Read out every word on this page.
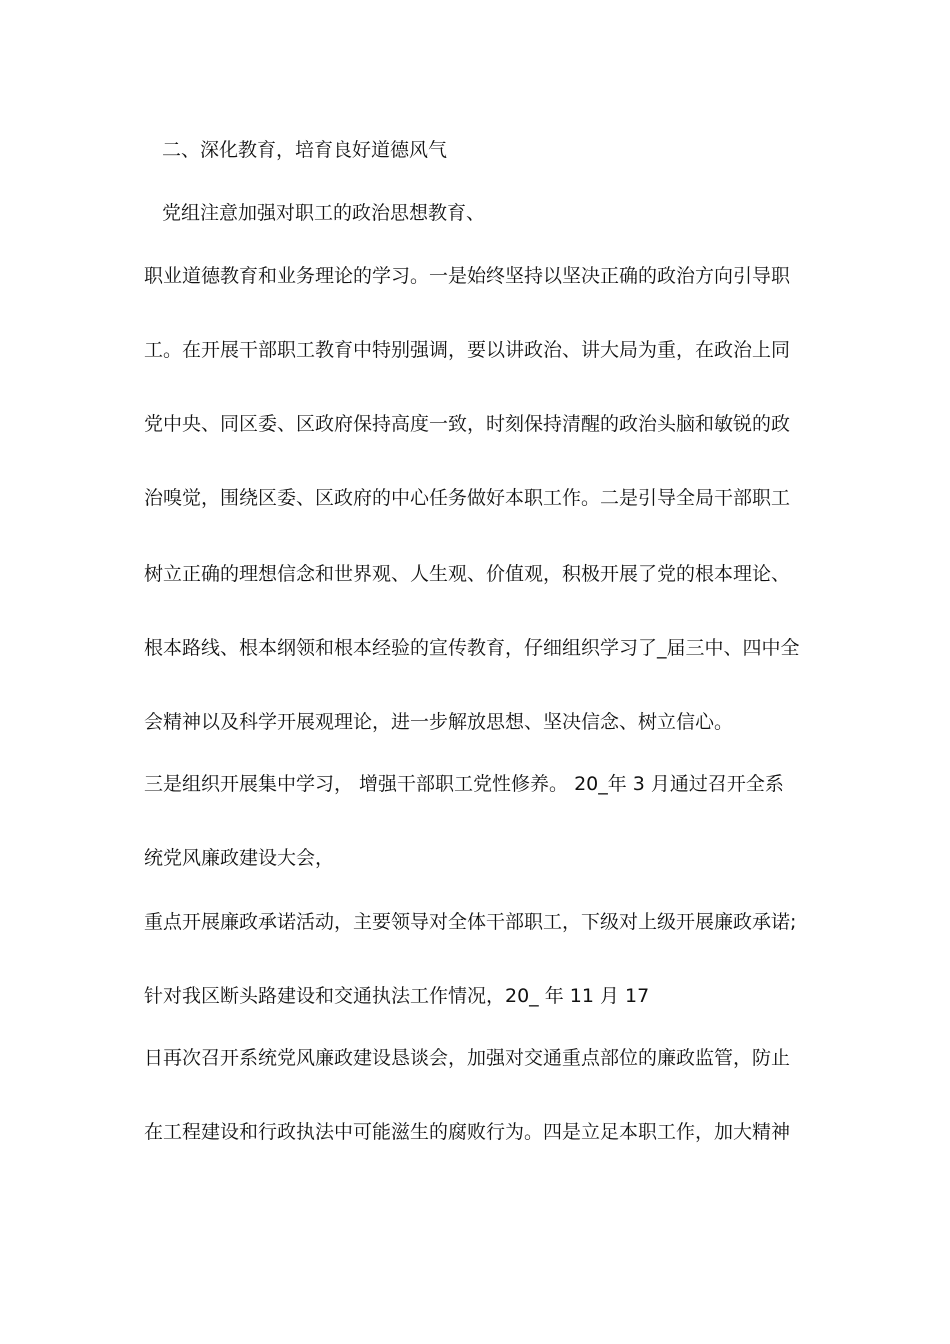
二、深化教育，培育良好道德风气
党组注意加强对职工的政治思想教育、
职业道德教育和业务理论的学习。一是始终坚持以坚决正确的政治方向引导职
工。在开展干部职工教育中特别强调，要以讲政治、讲大局为重，在政治上同
党中央、同区委、区政府保持高度一致，时刻保持清醒的政治头脑和敏锐的政
治嗅觉，围绕区委、区政府的中心任务做好本职工作。二是引导全局干部职工
树立正确的理想信念和世界观、人生观、价值观，积极开展了党的根本理论、
根本路线、根本纲领和根本经验的宣传教育，仔细组织学习了_届三中、四中全
会精神以及科学开展观理论，进一步解放思想、坚决信念、树立信心。
三是组织开展集中学习， 增强干部职工党性修养。 20_年 3 月通过召开全系
统党风廉政建设大会，
重点开展廉政承诺活动，主要领导对全体干部职工，下级对上级开展廉政承诺;
针对我区断头路建设和交通执法工作情况，20_ 年 11 月 17
日再次召开系统党风廉政建设恳谈会，加强对交通重点部位的廉政监管，防止
在工程建设和行政执法中可能滋生的腐败行为。四是立足本职工作，加大精神
